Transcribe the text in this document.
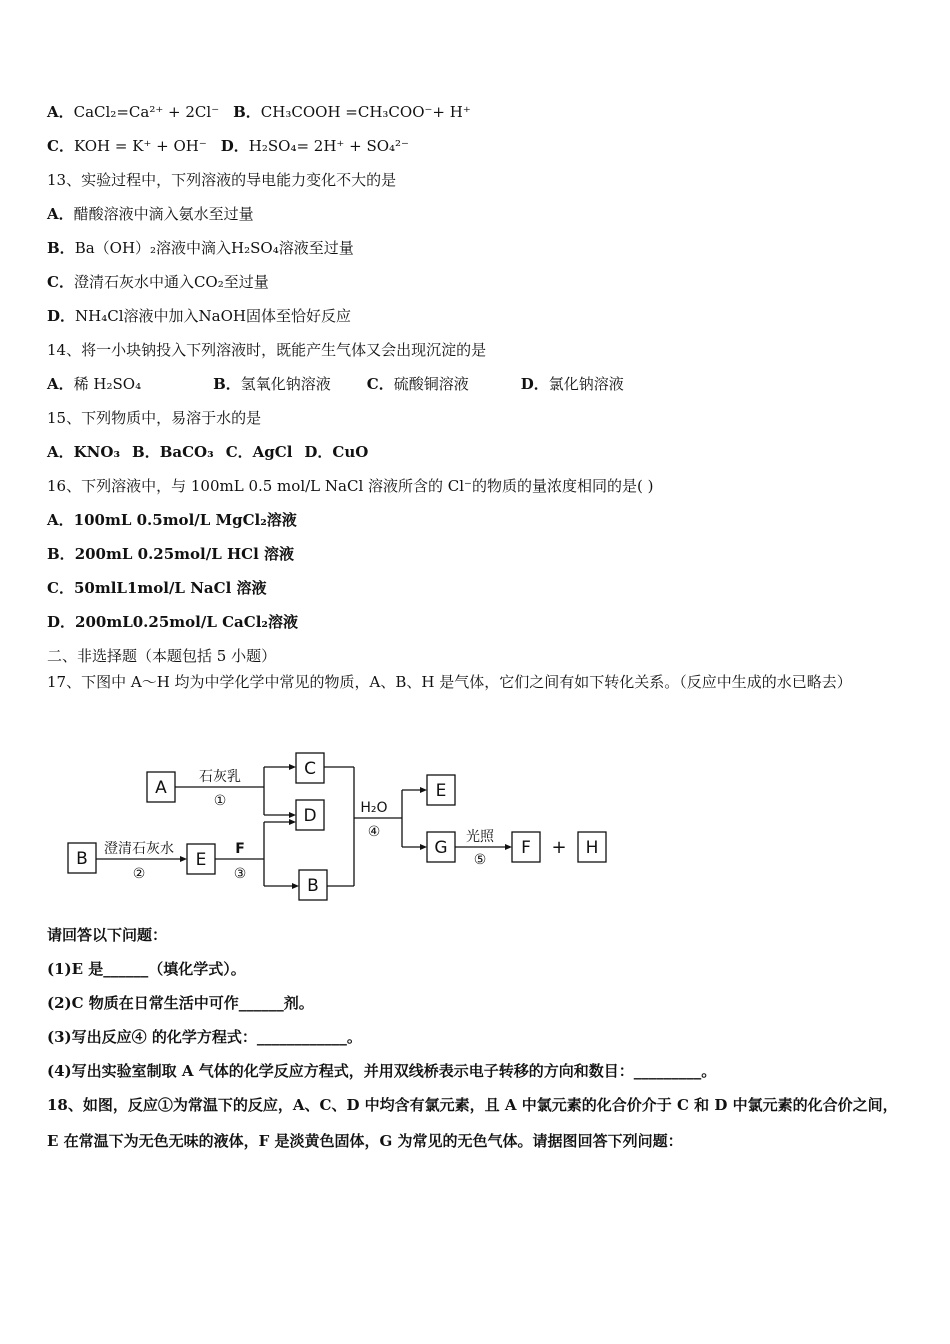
A．CaCl₂=Ca²⁺ + 2Cl⁻ B．CH₃COOH =CH₃COO⁻+ H⁺
C．KOH = K⁺ + OH⁻ D．H₂SO₄= 2H⁺ + SO₄²⁻
13、实验过程中，下列溶液的导电能力变化不大的是
A．醋酸溶液中滴入氨水至过量
B．Ba（OH）₂溶液中滴入H₂SO₄溶液至过量
C．澄清石灰水中通入CO₂至过量
D．NH₄Cl溶液中加入NaOH固体至恰好反应
14、将一小块钠投入下列溶液时，既能产生气体又会出现沉淀的是
A．稀 H₂SO₄	B．氢氧化钠溶液 C．硫酸铜溶液	D．氯化钠溶液
15、下列物质中，易溶于水的是
A．KNO₃ B．BaCO₃ C．AgCl D．CuO
16、下列溶液中，与 100mL 0.5 mol/L NaCl 溶液所含的 Cl⁻的物质的量浓度相同的是( )
A．100mL 0.5mol/L MgCl₂溶液
B．200mL 0.25mol/L HCl 溶液
C．50mlL1mol/L NaCl 溶液
D．200mL0.25mol/L CaCl₂溶液
二、非选择题（本题包括 5 小题）
17、下图中 A～H 均为中学化学中常见的物质，A、B、H 是气体，它们之间有如下转化关系。（反应中生成的水已略去）
A
C
D
B	E
B
E
G	F	H
石灰乳
①
澄清石灰水
②
F
③
H₂O
④	光照
⑤
+
请回答以下问题：
(1)E 是______（填化学式）。
(2)C 物质在日常生活中可作______剂。
(3)写出反应④ 的化学方程式：____________。
(4)写出实验室制取 A 气体的化学反应方程式，并用双线桥表示电子转移的方向和数目：_________。
18、如图，反应①为常温下的反应，A、C、D 中均含有氯元素，且 A 中氯元素的化合价介于 C 和 D 中氯元素的化合价之间，E 在常温下为无色无味的液体，F 是淡黄色固体，G 为常见的无色气体。请据图回答下列问题：
